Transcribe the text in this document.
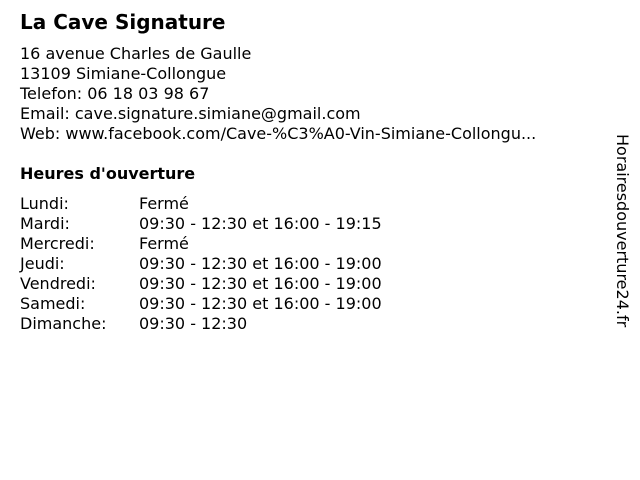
La Cave Signature
16 avenue Charles de Gaulle
13109 Simiane-Collongue
Telefon: 06 18 03 98 67
Email: cave.signature.simiane@gmail.com
Web: www.facebook.com/Cave-%C3%A0-Vin-Simiane-Collongu...
Heures d'ouverture
Lundi:	Fermé
Mardi:	09:30 - 12:30 et 16:00 - 19:15
Mercredi:	Fermé
Jeudi:	09:30 - 12:30 et 16:00 - 19:00
Vendredi:	09:30 - 12:30 et 16:00 - 19:00
Samedi:	09:30 - 12:30 et 16:00 - 19:00
Dimanche: 09:30 - 12:30	Horairesdouverture24.fr
